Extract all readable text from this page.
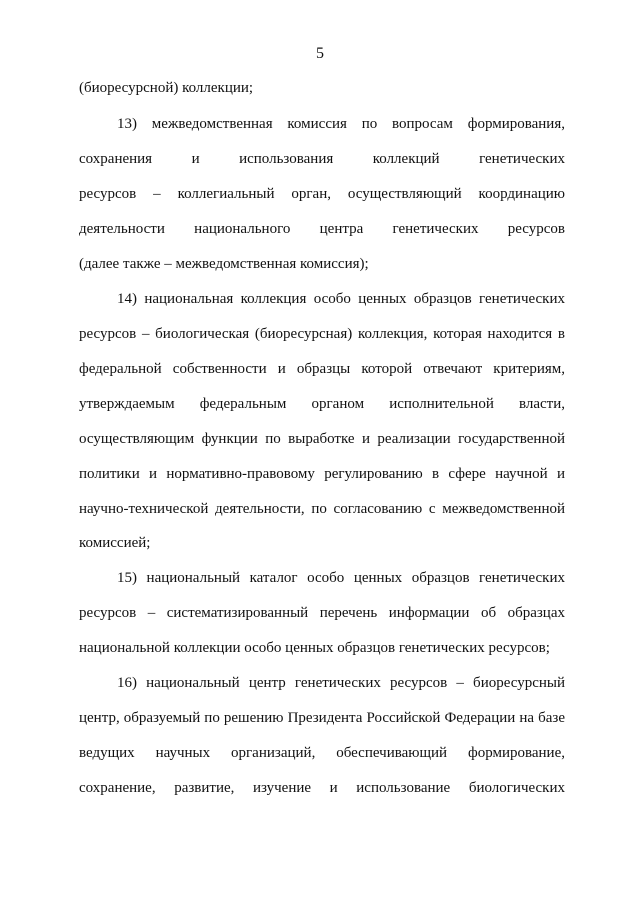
5
(биоресурсной) коллекции;
13) межведомственная комиссия по вопросам формирования,
сохранения и использования коллекций генетических
ресурсов – коллегиальный орган, осуществляющий координацию
деятельности национального центра генетических ресурсов
(далее также – межведомственная комиссия);
14) национальная коллекция особо ценных образцов генетических
ресурсов – биологическая (биоресурсная) коллекция, которая находится в
федеральной собственности и образцы которой отвечают критериям,
утверждаемым федеральным органом исполнительной власти,
осуществляющим функции по выработке и реализации государственной
политики и нормативно-правовому регулированию в сфере научной и
научно-технической деятельности, по согласованию с межведомственной
комиссией;
15) национальный каталог особо ценных образцов генетических
ресурсов – систематизированный перечень информации об образцах
национальной коллекции особо ценных образцов генетических ресурсов;
16) национальный центр генетических ресурсов – биоресурсный
центр, образуемый по решению Президента Российской Федерации на базе
ведущих научных организаций, обеспечивающий формирование,
сохранение, развитие, изучение и использование биологических
